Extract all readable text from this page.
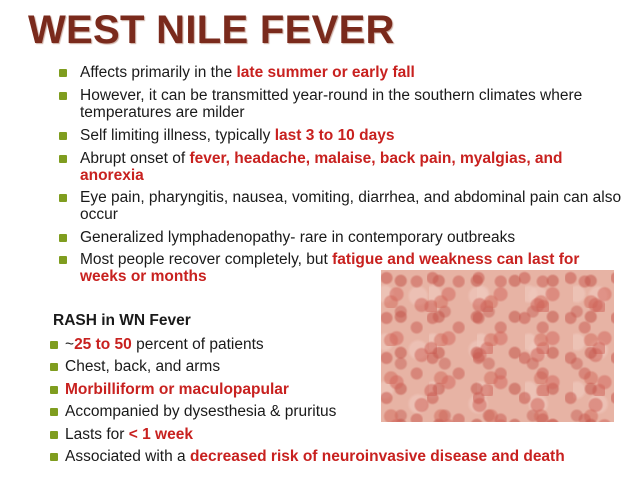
WEST NILE FEVER
Affects primarily in the late summer or early fall
However, it can be transmitted year-round in the southern climates where temperatures are milder
Self limiting illness, typically last 3 to 10 days
Abrupt onset of fever, headache, malaise, back pain, myalgias, and anorexia
Eye pain, pharyngitis, nausea, vomiting, diarrhea, and abdominal pain can also occur
Generalized lymphadenopathy- rare in contemporary outbreaks
Most people recover completely, but fatigue and weakness can last for weeks or months
RASH in WN Fever
~25 to 50 percent of patients
Chest, back, and arms
Morbilliform or maculopapular
Accompanied by dysesthesia & pruritus
Lasts for < 1 week
Associated with a decreased risk of neuroinvasive disease and death
